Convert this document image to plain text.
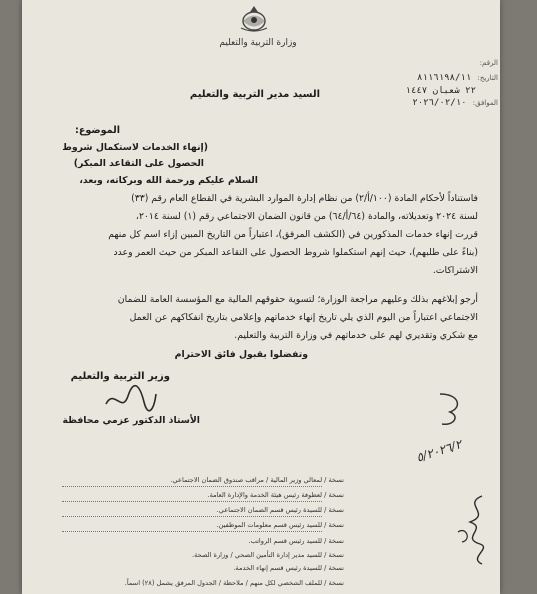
وزارة التربية والتعليم
الرقم:
التاريخ: ٨١١٦١٩٨/١١
٢٢ شعبان ١٤٤٧
الموافق: ٢٠٢٦/٠٢/١٠
السيد مدير التربية والتعليم
الموضوع:
(إنهاء الخدمات لاستكمال شروط
الحصول على التقاعد المبكر)
السلام عليكم ورحمة الله وبركاته، وبعد،
فاستناداً لأحكام المادة (١٠٠/أ/٢) من نظام إدارة الموارد البشرية في القطاع العام رقم (٣٣)
لسنة ٢٠٢٤ وتعديلاته، والمادة (٦٤/أ/٦٤) من قانون الضمان الاجتماعي رقم (١) لسنة ٢٠١٤،
قررت إنهاء خدمات المذكورين في (الكشف المرفق)، اعتباراً من التاريخ المبين إزاء اسم كل منهم
(بناءً على طلبهم)، حيث إنهم استكملوا شروط الحصول على التقاعد المبكر من حيث العمر وعدد
الاشتراكات.
أرجو إبلاغهم بذلك وعليهم مراجعة الوزارة؛ لتسوية حقوقهم المالية مع المؤسسة العامة للضمان
الاجتماعي اعتباراً من اليوم الذي يلي تاريخ إنهاء خدماتهم وإعلامي بتاريخ انفكاكهم عن العمل
مع شكري وتقديري لهم على خدماتهم في وزارة التربية والتعليم.
وتفضلوا بقبول فائق الاحترام
وزير التربية والتعليم
الأستاذ الدكتور عزمي محافظة
٥/٢٠٢٦/٢
نسخة / لمعالي وزير المالية / مراقب صندوق الضمان الاجتماعي.
نسخة / لعطوفة رئيس هيئة الخدمة والإدارة العامة.
نسخة / للسيدة رئيس قسم الضمان الاجتماعي.
نسخة / للسيد رئيس قسم معلومات الموظفين.
نسخة / للسيد رئيس قسم الرواتب.
نسخة / للسيد مدير إدارة التأمين الصحي / وزارة الصحة.
نسخة / للسيدة رئيس قسم إنهاء الخدمة.
نسخة / للملف الشخصي لكل منهم / ملاحظة / الجدول المرفق يشمل (٢٨) اسماً.
